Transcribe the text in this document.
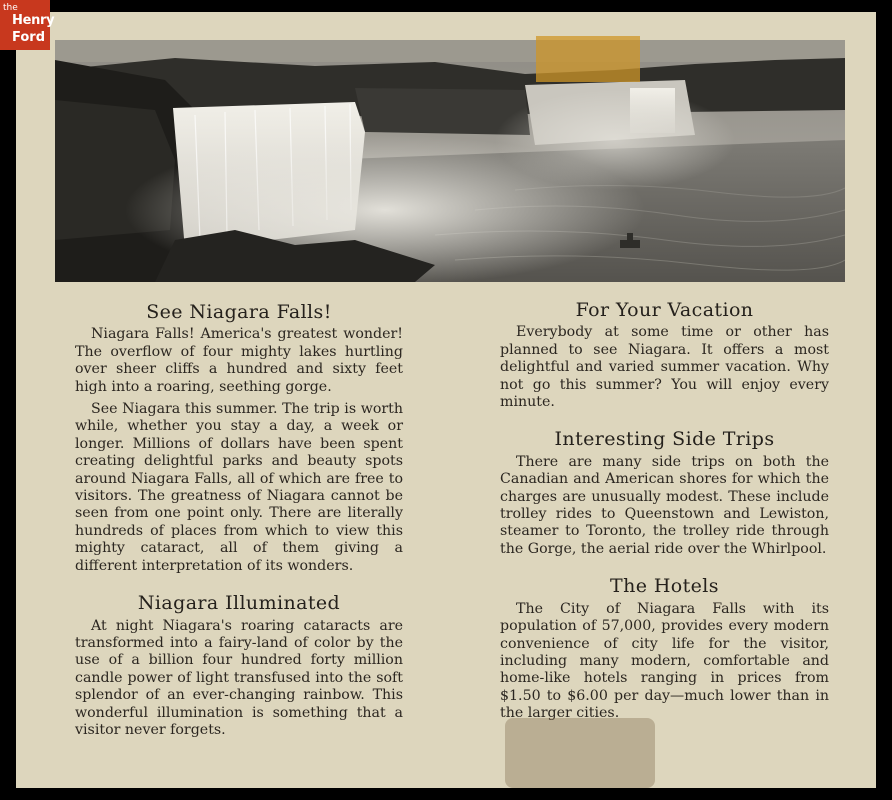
the
Henry
Ford
See Niagara Falls!

Niagara Falls! America's greatest wonder! The overflow of four mighty lakes hurtling over sheer cliffs a hundred and sixty feet high into a roaring, seething gorge.

See Niagara this summer. The trip is worth while, whether you stay a day, a week or longer. Millions of dollars have been spent creating delightful parks and beauty spots around Niagara Falls, all of which are free to visitors. The greatness of Niagara cannot be seen from one point only. There are literally hundreds of places from which to view this mighty cataract, all of them giving a different interpretation of its wonders.

Niagara Illuminated

At night Niagara's roaring cataracts are transformed into a fairy-land of color by the use of a billion four hundred forty million candle power of light transfused into the soft splendor of an ever-changing rainbow. This wonderful illumination is something that a visitor never forgets.

For Your Vacation

Everybody at some time or other has planned to see Niagara. It offers a most delightful and varied summer vacation. Why not go this summer? You will enjoy every minute.

Interesting Side Trips

There are many side trips on both the Canadian and American shores for which the charges are unusually modest. These include trolley rides to Queenstown and Lewiston, steamer to Toronto, the trolley ride through the Gorge, the aerial ride over the Whirlpool.

The Hotels

The City of Niagara Falls with its population of 57,000, provides every modern convenience of city life for the visitor, including many modern, comfortable and home-like hotels ranging in prices from $1.50 to $6.00 per day—much lower than in the larger cities.
